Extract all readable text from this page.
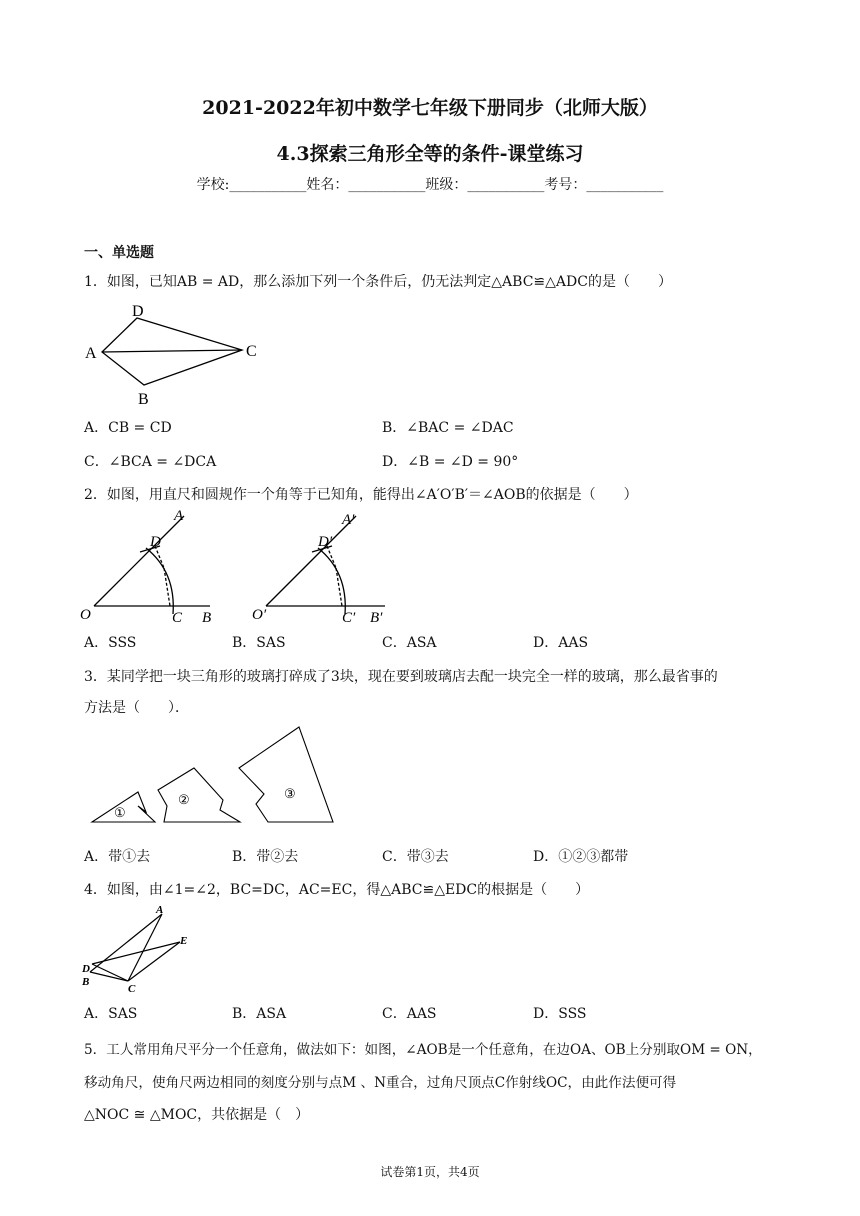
2021-2022年初中数学七年级下册同步（北师大版）
4.3探索三角形全等的条件-课堂练习
学校:___________姓名：___________班级：___________考号：___________
一、单选题
1．如图，已知AB = AD，那么添加下列一个条件后，仍无法判定△ABC≌△ADC的是（　　）
A
D
C
B
A．CB = CD	B．∠BAC = ∠DAC
C．∠BCA = ∠DCA	D．∠B = ∠D = 90°
2．如图，用直尺和圆规作一个角等于已知角，能得出∠A′O′B′＝∠AOB的依据是（　　）
A
D
O	C B
A′
D′
O′	C′ B′
A．SSS	B．SAS	C．ASA	D．AAS
3．某同学把一块三角形的玻璃打碎成了3块，现在要到玻璃店去配一块完全一样的玻璃，那么最省事的
方法是（　　）．
①
②	③
A．带①去	B．带②去	C．带③去	D．①②③都带
4．如图，由∠1=∠2，BC=DC，AC=EC，得△ABC≌△EDC的根据是（　　）
A
E
D
B
C
A．SAS	B．ASA	C．AAS	D．SSS
5．工人常用角尺平分一个任意角，做法如下：如图，∠AOB是一个任意角，在边OA、OB上分别取OM = ON，
移动角尺，使角尺两边相同的刻度分别与点M 、N重合，过角尺顶点C作射线OC，由此作法便可得
△NOC ≅ △MOC，共依据是（　）
试卷第1页，共4页
